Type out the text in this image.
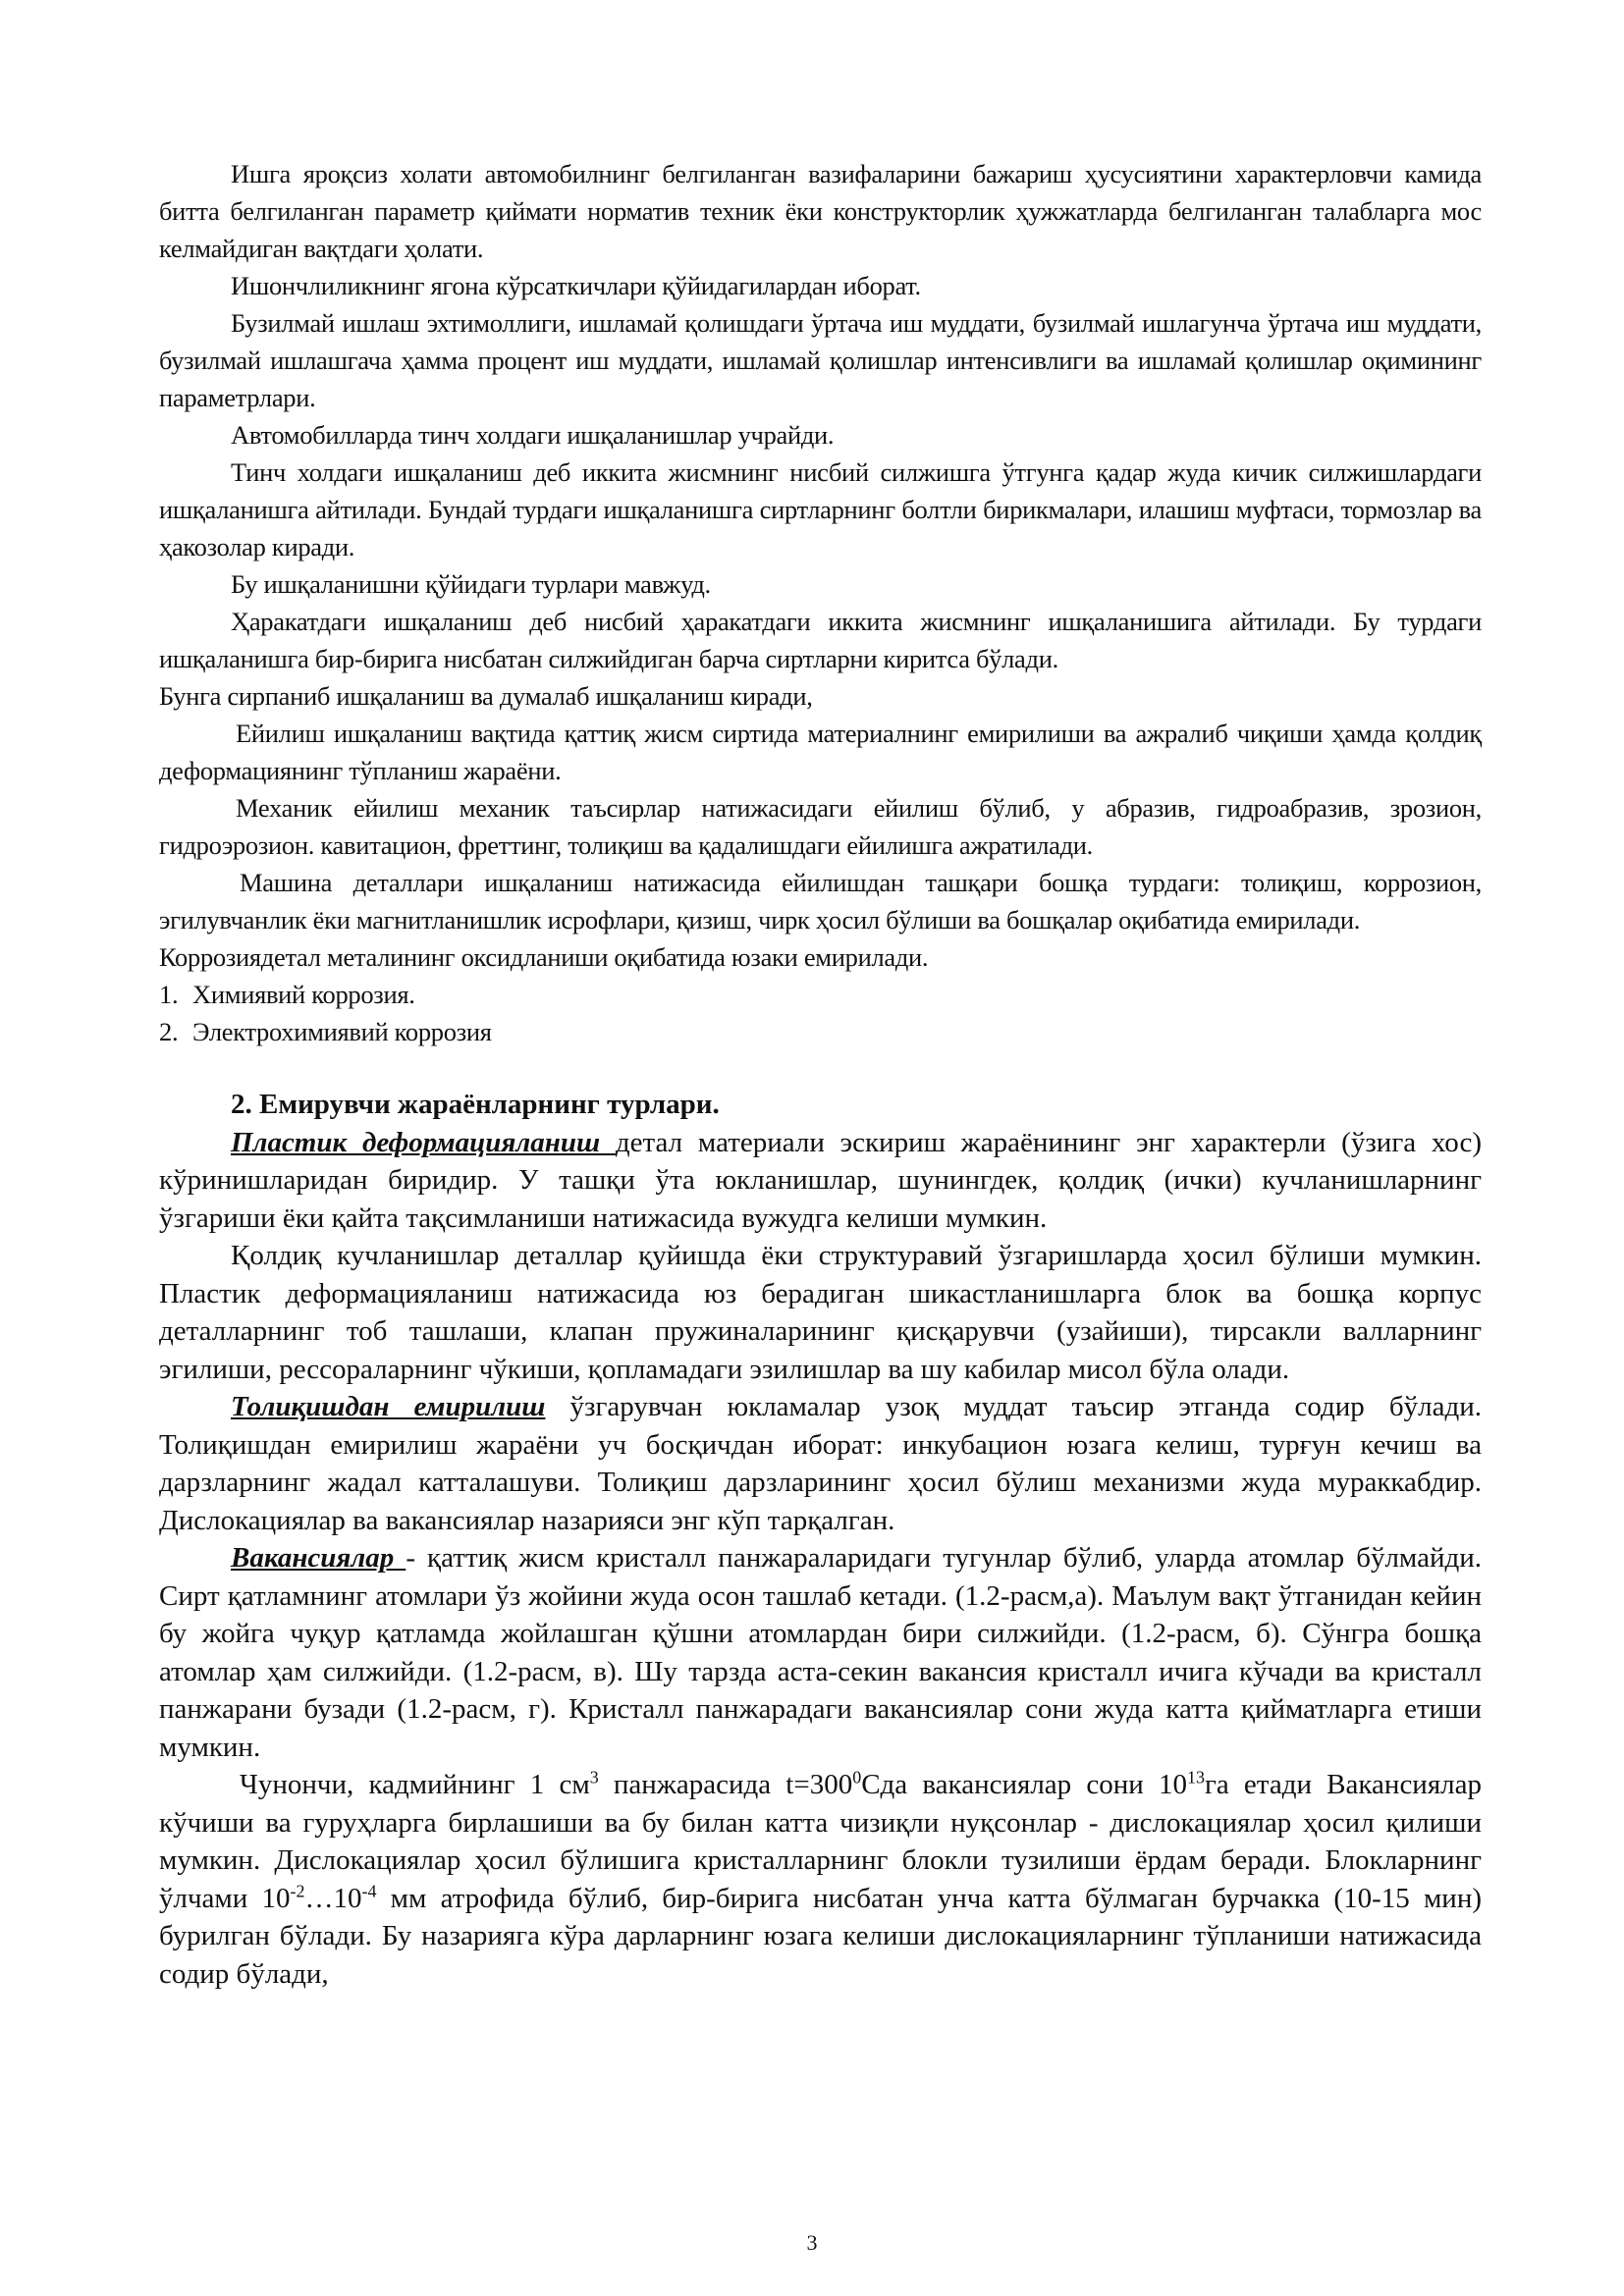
Ишга яроқсиз холати автомобилнинг белгиланган вазифаларини бажариш ҳусусиятини характерловчи камида битта белгиланган параметр қиймати норматив техник ёки конструкторлик ҳужжатларда белгиланган талабларга мос келмайдиган вақтдаги ҳолати.

Ишончлиликнинг ягона кўрсаткичлари қўйидагилардан иборат.

Бузилмай ишлаш эхтимоллиги, ишламай қолишдаги ўртача иш муддати, бузилмай ишлагунча ўртача иш муддати, бузилмай ишлашгача ҳамма процент иш муддати, ишламай қолишлар интенсивлиги ва ишламай қолишлар оқимининг параметрлари.

Автомобилларда тинч холдаги ишқаланишлар учрайди.

Тинч холдаги ишқаланиш деб иккита жисмнинг нисбий силжишга ўтгунга қадар жуда кичик силжишлардаги ишқаланишга айтилади. Бундай турдаги ишқаланишга сиртларнинг болтли бирикмалари, илашиш муфтаси, тормозлар ва ҳакозолар киради.

Бу ишқаланишни қўйидаги турлари мавжуд.

Ҳаракатдаги ишқаланиш деб нисбий ҳаракатдаги иккита жисмнинг ишқаланишига айтилади. Бу турдаги ишқаланишга бир-бирига нисбатан силжийдиган барча сиртларни киритса бўлади.

Бунга сирпаниб ишқаланиш ва думалаб ишқаланиш киради,

Ейилиш ишқаланиш вақтида қаттиқ жисм сиртида материалнинг емирилиши ва ажралиб чиқиши ҳамда қолдиқ деформациянинг тўпланиш жараёни.

Механик ейилиш механик таъсирлар натижасидаги ейилиш бўлиб, у абразив, гидроабразив, зрозион, гидроэрозион. кавитацион, фреттинг, толиқиш ва қадалишдаги ейилишга ажратилади.

Машина деталлари ишқаланиш натижасида ейилишдан ташқари бошқа турдаги: толиқиш, коррозион, эгилувчанлик ёки магнитланишлик исрофлари, қизиш, чирк ҳосил бўлиши ва бошқалар оқибатида емирилади.

Коррозиядетал металининг оксидланиши оқибатида юзаки емирилади.

1. Химиявий коррозия.
2. Электрохимиявий коррозия

2. Емирувчи жараёнларнинг турлари.

Пластик деформацияланиш детал материали эскириш жараёнининг энг характерли (ўзига хос) кўринишларидан биридир. У ташқи ўта юкланишлар, шунингдек, қолдиқ (ички) кучланишларнинг ўзгариши ёки қайта тақсимланиши натижасида вужудга келиши мумкин.

Қолдиқ кучланишлар деталлар қуйишда ёки структуравий ўзгаришларда ҳосил бўлиши мумкин. Пластик деформацияланиш натижасида юз берадиган шикастланишларга блок ва бошқа корпус деталларнинг тоб ташлаши, клапан пружиналарининг қисқарувчи (узайиши), тирсакли валларнинг эгилиши, рессораларнинг чўкиши, қопламадаги эзилишлар ва шу кабилар мисол бўла олади.

Толиқишдан емирилиш ўзгарувчан юкламалар узоқ муддат таъсир этганда содир бўлади. Толиқишдан емирилиш жараёни уч босқичдан иборат: инкубацион юзага келиш, турғун кечиш ва дарзларнинг жадал катталашуви. Толиқиш дарзларининг ҳосил бўлиш механизми жуда мураккабдир. Дислокациялар ва вакансиялар назарияси энг кўп тарқалган.

Вакансиялар - қаттиқ жисм кристалл панжараларидаги тугунлар бўлиб, уларда атомлар бўлмайди. Сирт қатламнинг атомлари ўз жойини жуда осон ташлаб кетади. (1.2-расм,а). Маълум вақт ўтганидан кейин бу жойга чуқур қатламда жойлашган қўшни атомлардан бири силжийди. (1.2-расм, б). Сўнгра бошқа атомлар ҳам силжийди. (1.2-расм, в). Шу тарзда аста-секин вакансия кристалл ичига кўчади ва кристалл панжарани бузади (1.2-расм, г). Кристалл панжарадаги вакансиялар сони жуда катта қийматларга етиши мумкин.

Чунончи, кадмийнинг 1 $см^3$ панжарасида $t=300^0Сда$ вакансиялар сони $10^{13}га$ етади Вакансиялар кўчиши ва гуруҳларга бирлашиши ва бу билан катта чизиқли нуқсонлар - дислокациялар ҳосил қилиши мумкин. Дислокациялар ҳосил бўлишига кристалларнинг блокли тузилиши ёрдам беради. Блокларнинг ўлчами $10^{-2}\dots 10^{-4}$ мм атрофида бўлиб, бир-бирига нисбатан унча катта бўлмаган бурчакка (10-15 мин) бурилган бўлади. Бу назарияга кўра дарларнинг юзага келиши дислокацияларнинг тўпланиши натижасида содир бўлади,

3
